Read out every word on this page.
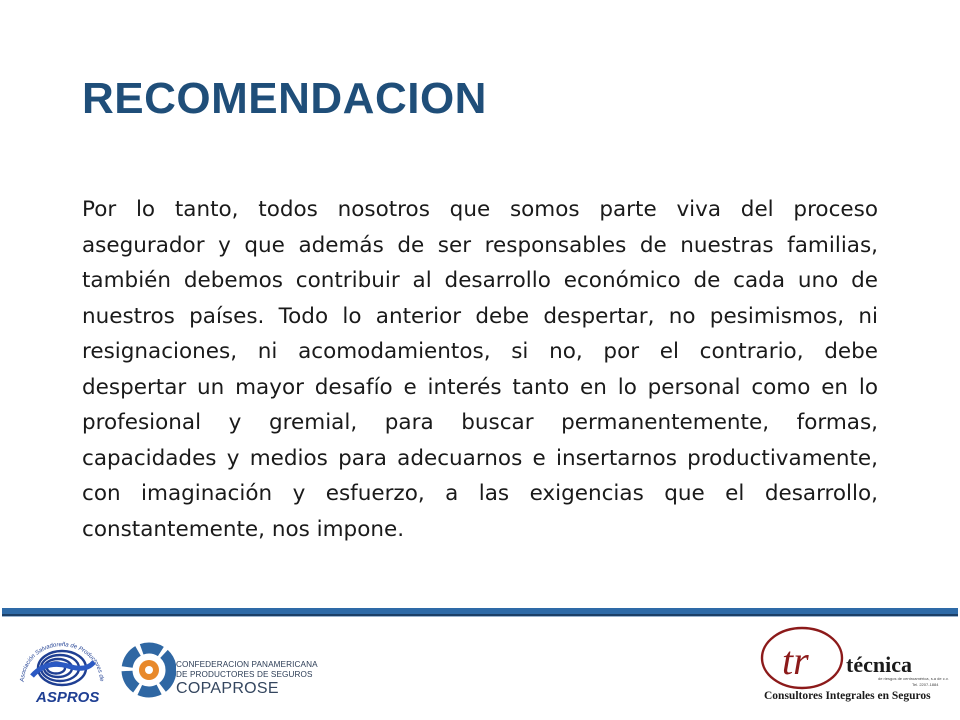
RECOMENDACION

Por lo tanto, todos nosotros que somos parte viva del proceso asegurador y que además de ser responsables de nuestras familias, también debemos contribuir al desarrollo económico de cada uno de nuestros países. Todo lo anterior debe despertar, no pesimismos, ni resignaciones, ni acomodamientos, si no, por el contrario, debe despertar un mayor desafío e interés tanto en lo personal como en lo profesional y gremial, para buscar permanentemente, formas, capacidades y medios para adecuarnos e insertarnos productivamente, con imaginación y esfuerzo, a las exigencias que el desarrollo, constantemente, nos impone.

Asociación Salvadoreña de Productores de
ASPROS
CONFEDERACION PANAMERICANA
DE PRODUCTORES DE SEGUROS
COPAPROSE
tr técnica
de riesgos de centroamérica, s.a de c.v.
Tel. 2207-1884
Consultores Integrales en Seguros
